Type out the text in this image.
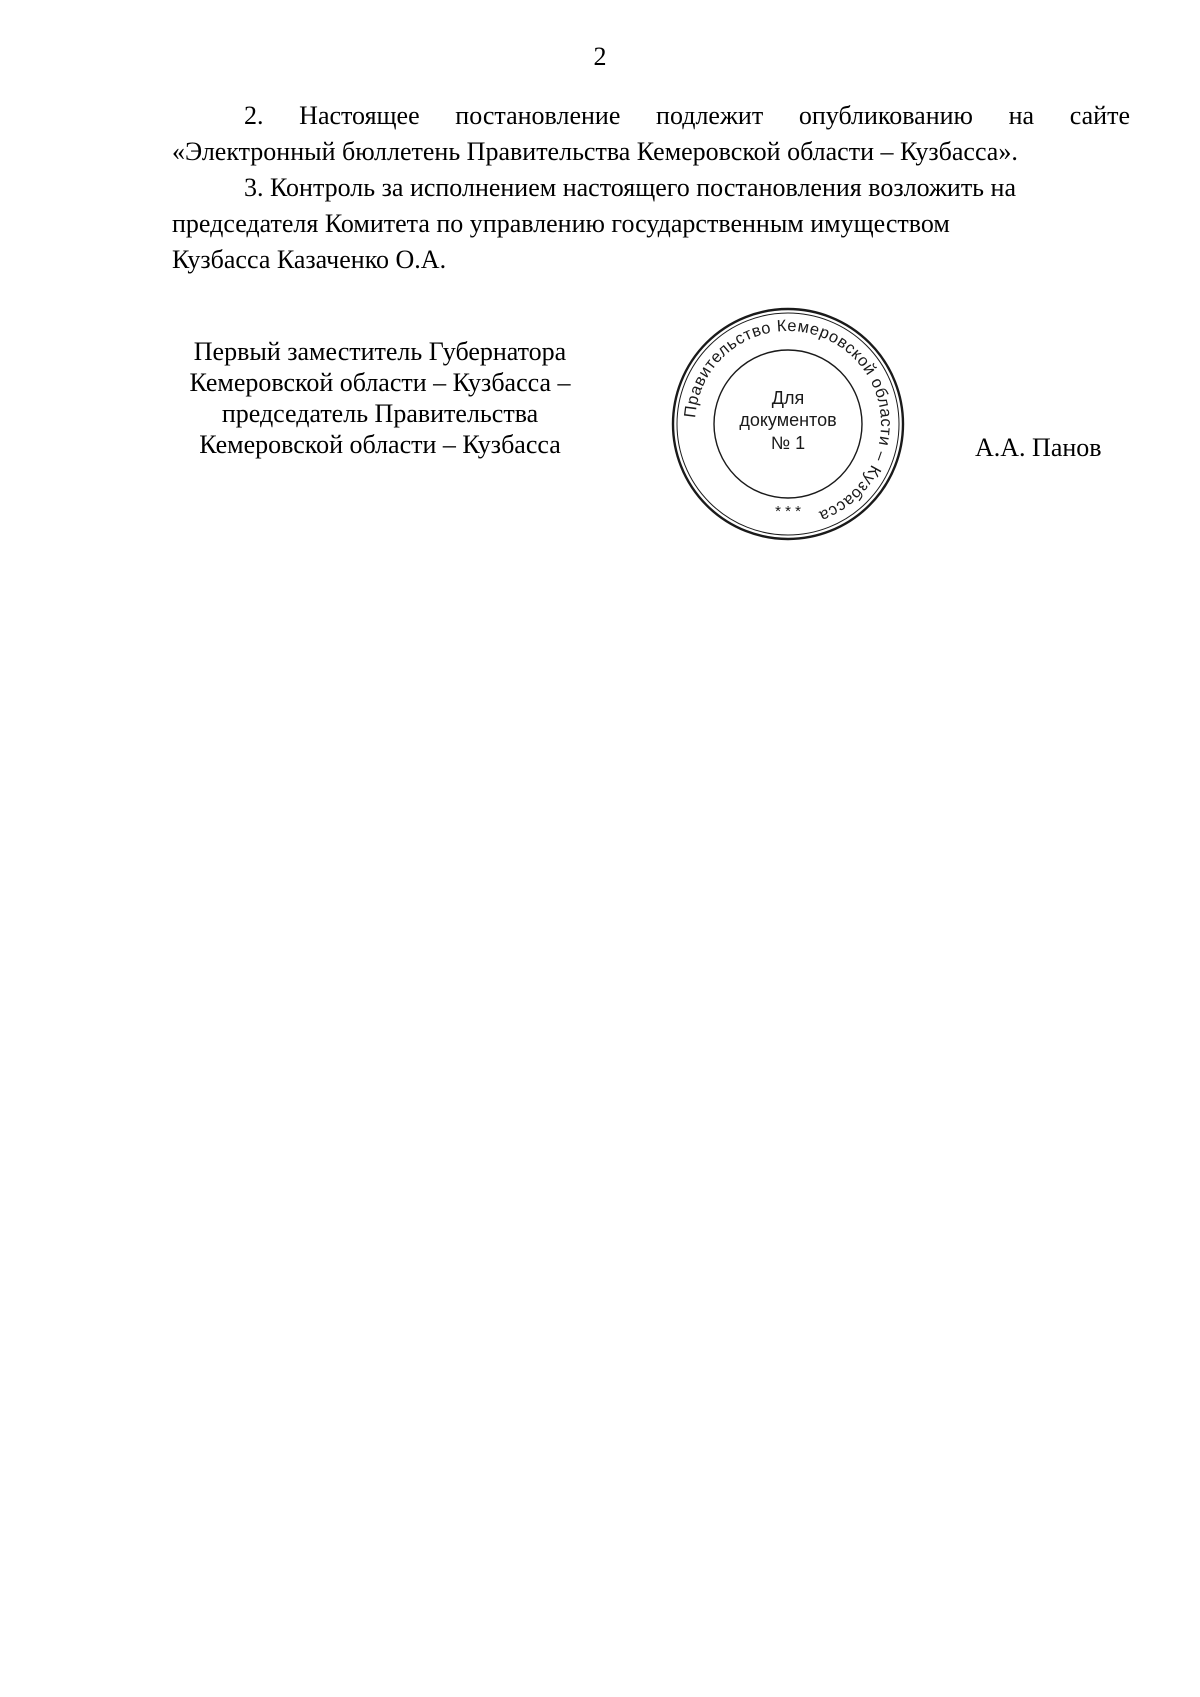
2

2. Настоящее постановление подлежит опубликованию на сайте
«Электронный бюллетень Правительства Кемеровской области – Кузбасса».

3. Контроль за исполнением настоящего постановления возложить на
председателя Комитета по управлению государственным имуществом
Кузбасса Казаченко О.А.

Первый заместитель Губернатора
Кемеровской области – Кузбасса –
председатель Правительства
Кемеровской области – Кузбасса
Правительство Кемеровской области – Кузбасса
* * *
Для
документов
№ 1	А.А. Панов
